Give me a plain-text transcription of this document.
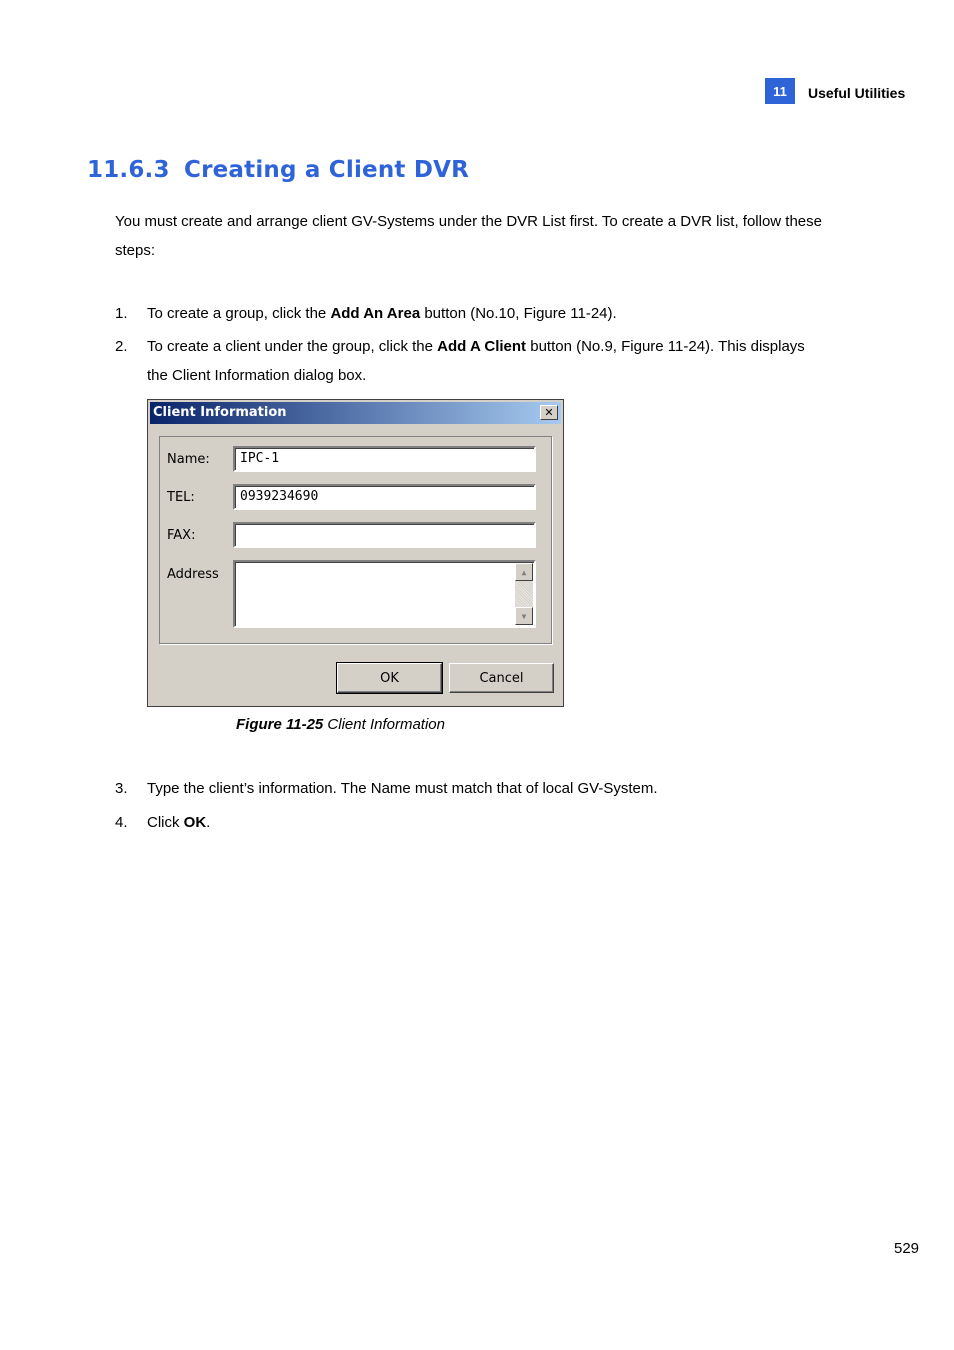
11	Useful Utilities
11.6.3 Creating a Client DVR
You must create and arrange client GV-Systems under the DVR List first. To create a DVR list, follow these steps:
1. To create a group, click the Add An Area button (No.10, Figure 11-24).
2. To create a client under the group, click the Add A Client button (No.9, Figure 11-24). This displays the Client Information dialog box.
Client Information	✕
Name:	IPC-1
TEL:	0939234690
FAX:
Address	▲
▼
OK	Cancel
Figure 11-25 Client Information
3. Type the client’s information. The Name must match that of local GV-System.
4. Click OK.
529
